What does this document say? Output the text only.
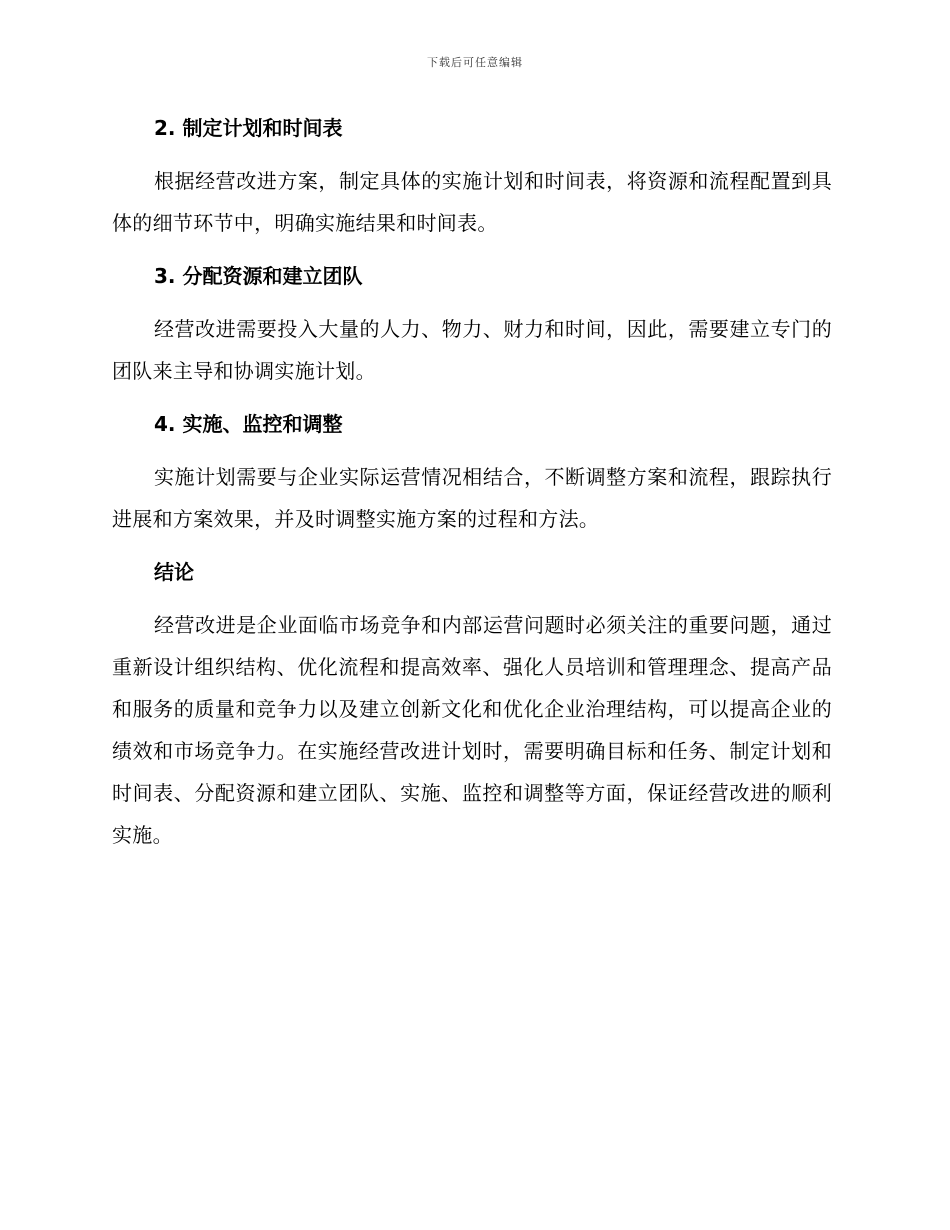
下载后可任意编辑
2. 制定计划和时间表

根据经营改进方案，制定具体的实施计划和时间表，将资源和流程配置到具体的细节环节中，明确实施结果和时间表。

3. 分配资源和建立团队

经营改进需要投入大量的人力、物力、财力和时间，因此，需要建立专门的团队来主导和协调实施计划。

4. 实施、监控和调整

实施计划需要与企业实际运营情况相结合，不断调整方案和流程，跟踪执行进展和方案效果，并及时调整实施方案的过程和方法。

结论

经营改进是企业面临市场竞争和内部运营问题时必须关注的重要问题，通过重新设计组织结构、优化流程和提高效率、强化人员培训和管理理念、提高产品和服务的质量和竞争力以及建立创新文化和优化企业治理结构，可以提高企业的绩效和市场竞争力。在实施经营改进计划时，需要明确目标和任务、制定计划和时间表、分配资源和建立团队、实施、监控和调整等方面，保证经营改进的顺利实施。
